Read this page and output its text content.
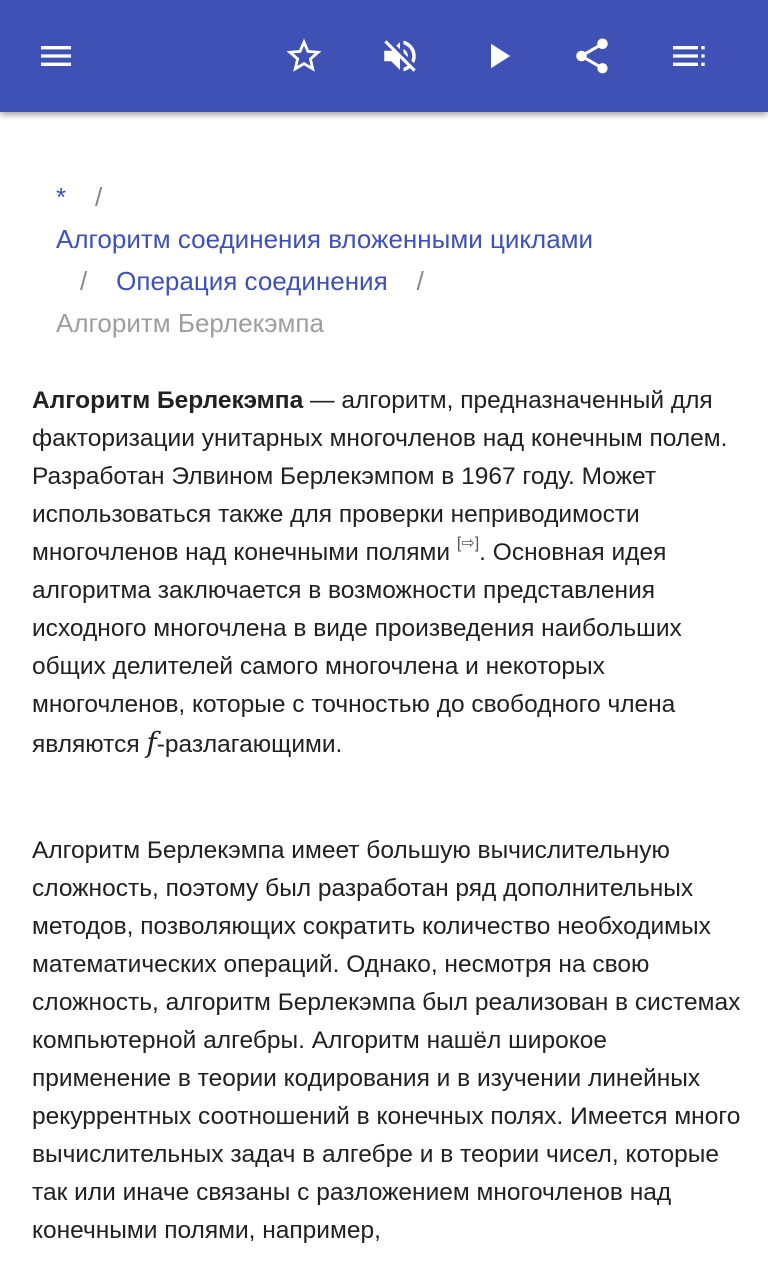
* /
Алгоритм соединения вложенными циклами
/ Операция соединения /
Алгоритм Берлекэмпа

Алгоритм Берлекэмпа — алгоритм, предназначенный для факторизации унитарных многочленов над конечным полем. Разработан Элвином Берлекэмпом в 1967 году. Может использоваться также для проверки неприводимости многочленов над конечными полями [⇨]. Основная идея алгоритма заключается в возможности представления исходного многочлена в виде произведения наибольших общих делителей самого многочлена и некоторых многочленов, которые с точностью до свободного члена являются f-разлагающими.

Алгоритм Берлекэмпа имеет большую вычислительную сложность, поэтому был разработан ряд дополнительных методов, позволяющих сократить количество необходимых математических операций. Однако, несмотря на свою сложность, алгоритм Берлекэмпа был реализован в системах компьютерной алгебры. Алгоритм нашёл широкое применение в теории кодирования и в изучении линейных рекуррентных соотношений в конечных полях. Имеется много вычислительных задач в алгебре и в теории чисел, которые так или иначе связаны с разложением многочленов над конечными полями, например,
